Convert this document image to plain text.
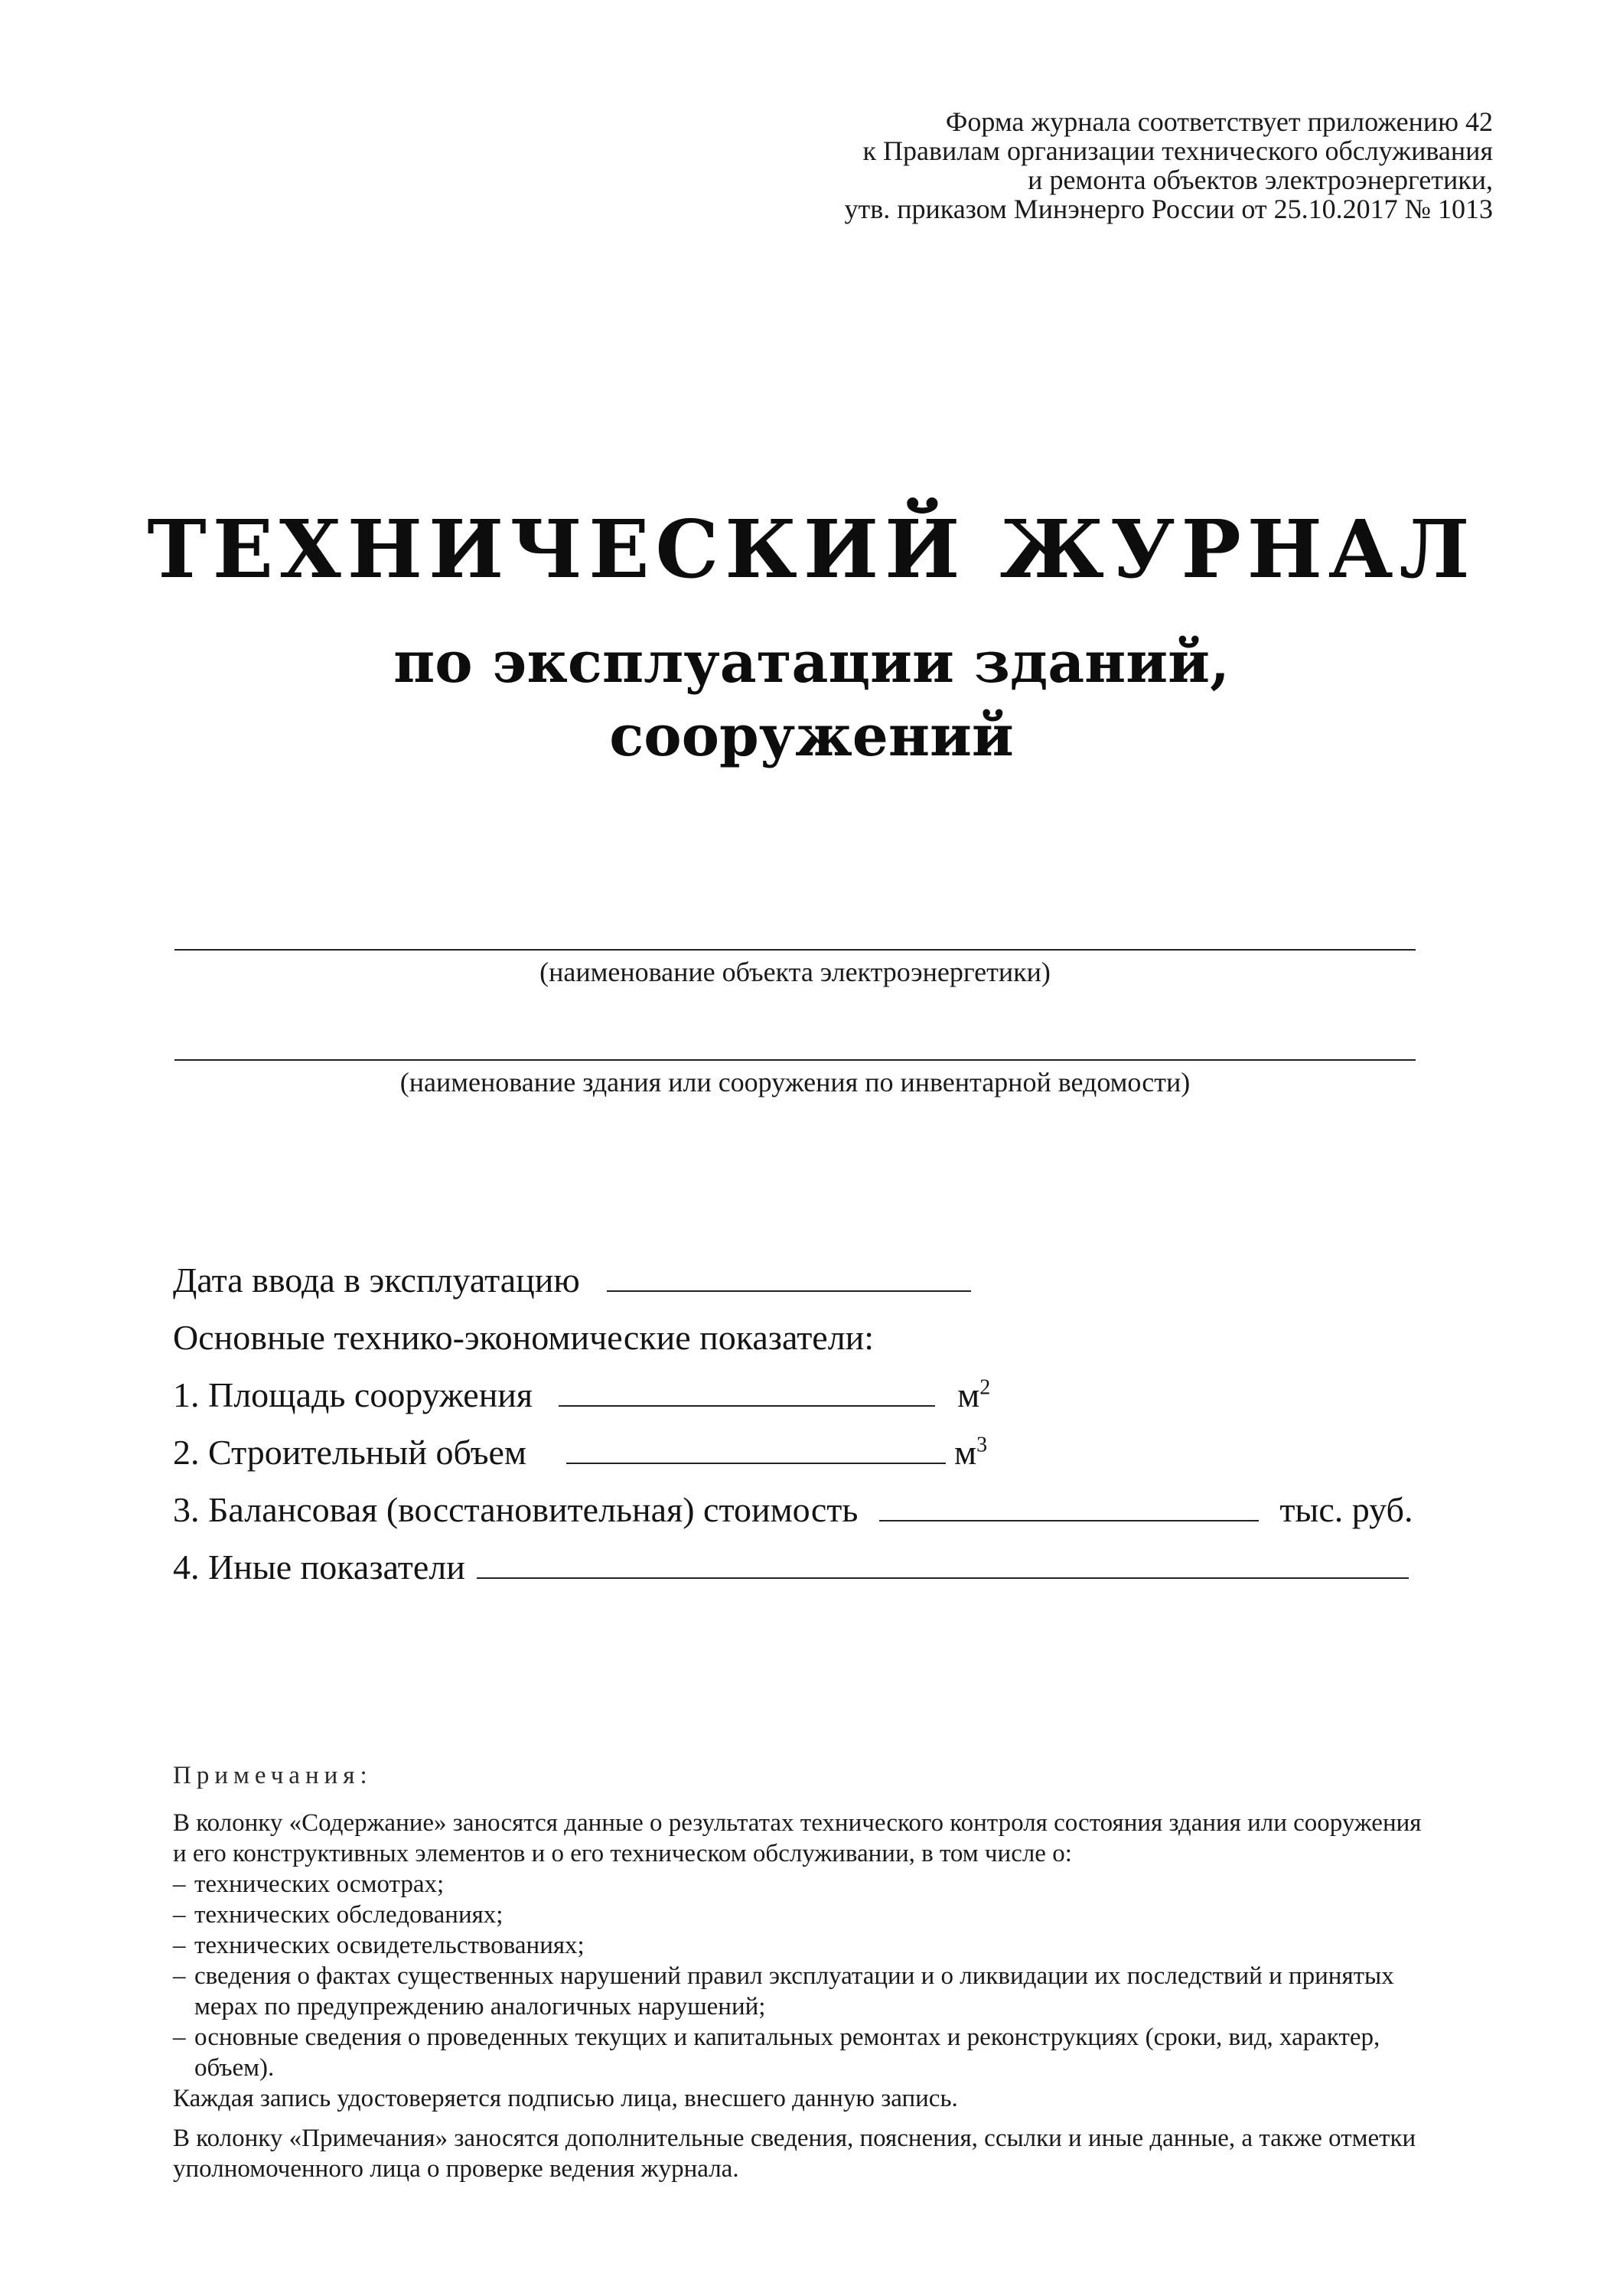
Форма журнала соответствует приложению 42
к Правилам организации технического обслуживания
и ремонта объектов электроэнергетики,
утв. приказом Минэнерго России от 25.10.2017 № 1013
ТЕХНИЧЕСКИЙ ЖУРНАЛ
по эксплуатации зданий,
сооружений
(наименование объекта электроэнергетики)
(наименование здания или сооружения по инвентарной ведомости)
Дата ввода в эксплуатацию
Основные технико-экономические показатели:
1. Площадь сооружения	$м^2$
2. Строительный объем	$м^3$
3. Балансовая (восстановительная) стоимость	тыс. руб.
4. Иные показатели
Примечания:

В колонку «Содержание» заносятся данные о результатах технического контроля состояния здания или сооружения и его конструктивных элементов и о его техническом обслуживании, в том числе о:

– технических осмотрах;
– технических обследованиях;
– технических освидетельствованиях;
– сведения о фактах существенных нарушений правил эксплуатации и о ликвидации их последствий и принятых мерах по предупреждению аналогичных нарушений;
– основные сведения о проведенных текущих и капитальных ремонтах и реконструкциях (сроки, вид, характер, объем).

Каждая запись удостоверяется подписью лица, внесшего данную запись.

В колонку «Примечания» заносятся дополнительные сведения, пояснения, ссылки и иные данные, а также отметки уполномоченного лица о проверке ведения журнала.
